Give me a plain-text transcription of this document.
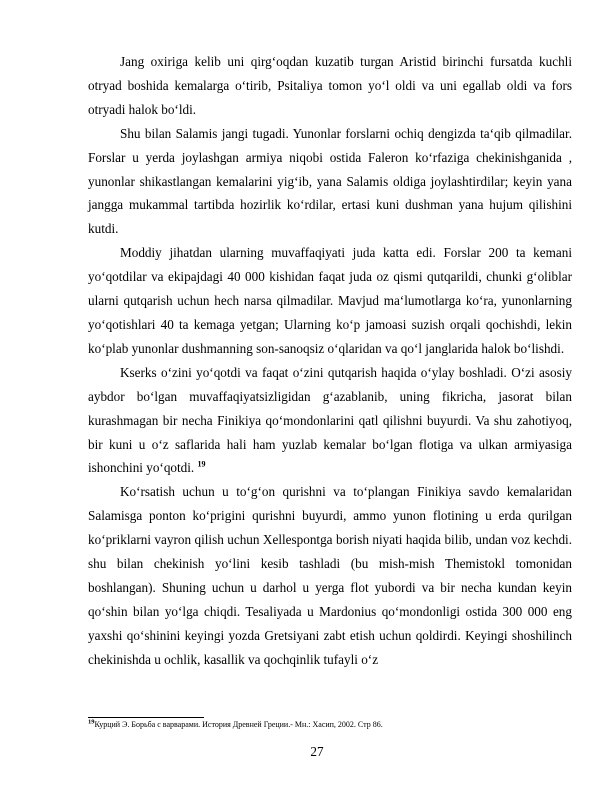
Jang oxiriga kelib uni qirg‘oqdan kuzatib turgan Aristid birinchi fursatda kuchli otryad boshida kemalarga o‘tirib, Psitaliya tomon yo‘l oldi va uni egallab oldi va fors otryadi halok bo‘ldi.

Shu bilan Salamis jangi tugadi. Yunonlar forslarni ochiq dengizda ta‘qib qilmadilar. Forslar u yerda joylashgan armiya niqobi ostida Faleron ko‘rfaziga chekinishganida , yunonlar shikastlangan kemalarini yig‘ib, yana Salamis oldiga joylashtirdilar; keyin yana jangga mukammal tartibda hozirlik ko‘rdilar, ertasi kuni dushman yana hujum qilishini kutdi.

Moddiy jihatdan ularning muvaffaqiyati juda katta edi. Forslar 200 ta kemani yo‘qotdilar va ekipajdagi 40 000 kishidan faqat juda oz qismi qutqarildi, chunki g‘oliblar ularni qutqarish uchun hech narsa qilmadilar. Mavjud ma‘lumotlarga ko‘ra, yunonlarning yo‘qotishlari 40 ta kemaga yetgan; Ularning ko‘p jamoasi suzish orqali qochishdi, lekin ko‘plab yunonlar dushmanning son-sanoqsiz o‘qlaridan va qo‘l janglarida halok bo‘lishdi.

Kserks o‘zini yo‘qotdi va faqat o‘zini qutqarish haqida o‘ylay boshladi. O‘zi asosiy aybdor bo‘lgan muvaffaqiyatsizligidan g‘azablanib, uning fikricha, jasorat bilan kurashmagan bir necha Finikiya qo‘mondonlarini qatl qilishni buyurdi. Va shu zahotiyoq, bir kuni u o‘z saflarida hali ham yuzlab kemalar bo‘lgan flotiga va ulkan armiyasiga ishonchini yo‘qotdi. $^{19}$

Ko‘rsatish uchun u to‘g‘on qurishni va to‘plangan Finikiya savdo kemalaridan Salamisga ponton ko‘prigini qurishni buyurdi, ammo yunon flotining u erda qurilgan ko‘priklarni vayron qilish uchun Xellespontga borish niyati haqida bilib, undan voz kechdi. shu bilan chekinish yo‘lini kesib tashladi (bu mish-mish Themistokl tomonidan boshlangan). Shuning uchun u darhol u yerga flot yubordi va bir necha kundan keyin qo‘shin bilan yo‘lga chiqdi. Tesaliyada u Mardonius qo‘mondonligi ostida 300 000 eng yaxshi qo‘shinini keyingi yozda Gretsiyani zabt etish uchun qoldirdi. Keyingi shoshilinch chekinishda u ochlik, kasallik va qochqinlik tufayli o‘z

$^{19}$Курций Э. Борьба с варварами. История Древней Греции.- Мн.: Хасип, 2002. Стр 86.
27
